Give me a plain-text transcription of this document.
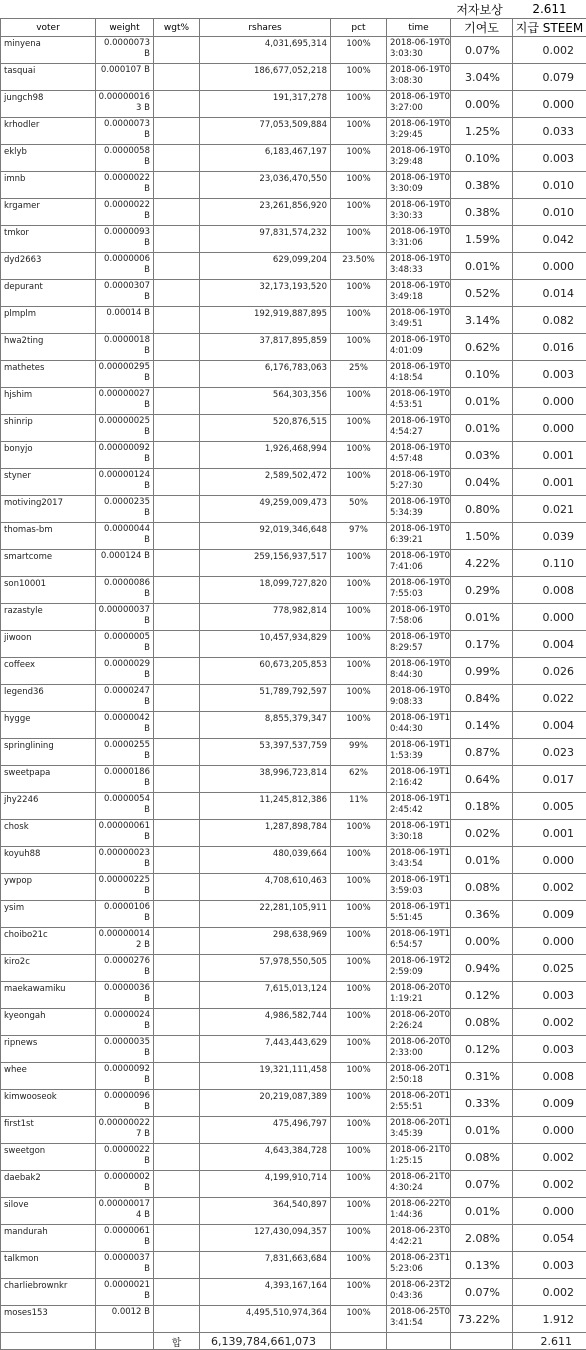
저자보상	2.611
voter	weight	wgt%	rshares	pct	time	기여도	지급 STEEM
minyena	0.0000073 B		4,031,695,314	100%	2018-06-19T03:03:30	0.07%	0.002
tasquai	0.000107 B		186,677,052,218	100%	2018-06-19T03:08:30	3.04%	0.079
jungch98	0.00000016 3 B		191,317,278	100%	2018-06-19T03:27:00	0.00%	0.000
krhodler	0.0000073 B		77,053,509,884	100%	2018-06-19T03:29:45	1.25%	0.033
eklyb	0.0000058 B		6,183,467,197	100%	2018-06-19T03:29:48	0.10%	0.003
imnb	0.0000022 B		23,036,470,550	100%	2018-06-19T03:30:09	0.38%	0.010
krgamer	0.0000022 B		23,261,856,920	100%	2018-06-19T03:30:33	0.38%	0.010
tmkor	0.0000093 B		97,831,574,232	100%	2018-06-19T03:31:06	1.59%	0.042
dyd2663	0.0000006 B		629,099,204	23.50%	2018-06-19T03:48:33	0.01%	0.000
depurant	0.0000307 B		32,173,193,520	100%	2018-06-19T03:49:18	0.52%	0.014
plmplm	0.00014 B		192,919,887,895	100%	2018-06-19T03:49:51	3.14%	0.082
hwa2ting	0.0000018 B		37,817,895,859	100%	2018-06-19T04:01:09	0.62%	0.016
mathetes	0.00000295 B		6,176,783,063	25%	2018-06-19T04:18:54	0.10%	0.003
hjshim	0.00000027 B		564,303,356	100%	2018-06-19T04:53:51	0.01%	0.000
shinrip	0.00000025 B		520,876,515	100%	2018-06-19T04:54:27	0.01%	0.000
bonyjo	0.00000092 B		1,926,468,994	100%	2018-06-19T04:57:48	0.03%	0.001
styner	0.00000124 B		2,589,502,472	100%	2018-06-19T05:27:30	0.04%	0.001
motiving2017	0.0000235 B		49,259,009,473	50%	2018-06-19T05:34:39	0.80%	0.021
thomas-bm	0.0000044 B		92,019,346,648	97%	2018-06-19T06:39:21	1.50%	0.039
smartcome	0.000124 B		259,156,937,517	100%	2018-06-19T07:41:06	4.22%	0.110
son10001	0.0000086 B		18,099,727,820	100%	2018-06-19T07:55:03	0.29%	0.008
razastyle	0.00000037 B		778,982,814	100%	2018-06-19T07:58:06	0.01%	0.000
jiwoon	0.0000005 B		10,457,934,829	100%	2018-06-19T08:29:57	0.17%	0.004
coffeex	0.0000029 B		60,673,205,853	100%	2018-06-19T08:44:30	0.99%	0.026
legend36	0.0000247 B		51,789,792,597	100%	2018-06-19T09:08:33	0.84%	0.022
hygge	0.0000042 B		8,855,379,347	100%	2018-06-19T10:44:30	0.14%	0.004
springlining	0.0000255 B		53,397,537,759	99%	2018-06-19T11:53:39	0.87%	0.023
sweetpapa	0.0000186 B		38,996,723,814	62%	2018-06-19T12:16:42	0.64%	0.017
jhy2246	0.0000054 B		11,245,812,386	11%	2018-06-19T12:45:42	0.18%	0.005
chosk	0.00000061 B		1,287,898,784	100%	2018-06-19T13:30:18	0.02%	0.001
koyuh88	0.00000023 B		480,039,664	100%	2018-06-19T13:43:54	0.01%	0.000
ywpop	0.00000225 B		4,708,610,463	100%	2018-06-19T13:59:03	0.08%	0.002
ysim	0.0000106 B		22,281,105,911	100%	2018-06-19T15:51:45	0.36%	0.009
choibo21c	0.00000014 2 B		298,638,969	100%	2018-06-19T16:54:57	0.00%	0.000
kiro2c	0.0000276 B		57,978,550,505	100%	2018-06-19T22:59:09	0.94%	0.025
maekawamiku	0.0000036 B		7,615,013,124	100%	2018-06-20T01:19:21	0.12%	0.003
kyeongah	0.0000024 B		4,986,582,744	100%	2018-06-20T02:26:24	0.08%	0.002
ripnews	0.0000035 B		7,443,443,629	100%	2018-06-20T02:33:00	0.12%	0.003
whee	0.0000092 B		19,321,111,458	100%	2018-06-20T12:50:18	0.31%	0.008
kimwooseok	0.0000096 B		20,219,087,389	100%	2018-06-20T12:55:51	0.33%	0.009
first1st	0.00000022 7 B		475,496,797	100%	2018-06-20T13:45:39	0.01%	0.000
sweetgon	0.0000022 B		4,643,384,728	100%	2018-06-21T01:25:15	0.08%	0.002
daebak2	0.0000002 B		4,199,910,714	100%	2018-06-21T04:30:24	0.07%	0.002
silove	0.00000017 4 B		364,540,897	100%	2018-06-22T01:44:36	0.01%	0.000
mandurah	0.0000061 B		127,430,094,357	100%	2018-06-23T04:42:21	2.08%	0.054
talkmon	0.0000037 B		7,831,663,684	100%	2018-06-23T15:23:06	0.13%	0.003
charliebrownkr	0.0000021 B		4,393,167,164	100%	2018-06-23T20:43:36	0.07%	0.002
moses153	0.0012 B		4,495,510,974,364	100%	2018-06-25T03:41:54	73.22%	1.912
		합	6,139,784,661,073				2.611
